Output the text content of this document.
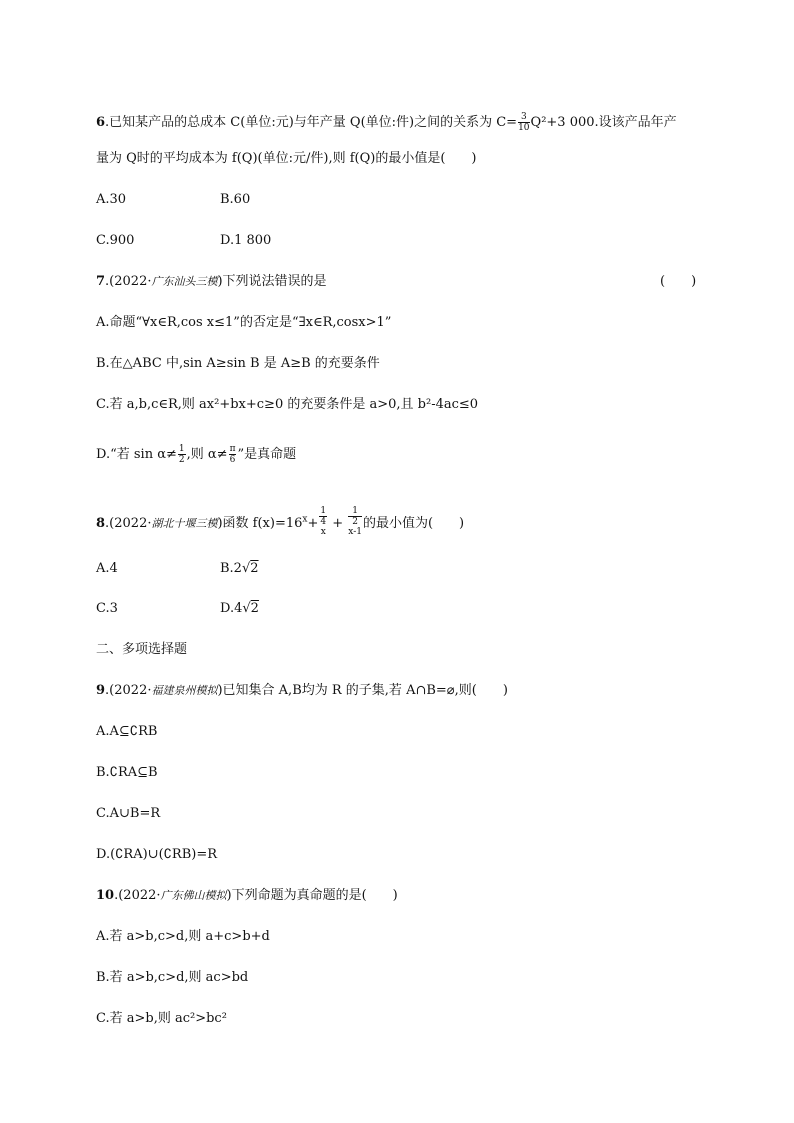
6.已知某产品的总成本 C(单位:元)与年产量 Q(单位:件)之间的关系为 $C= \frac{3}{10} Q^2+3$ 000.设该产品年产
量为 Q时的平均成本为 f(Q)(单位:元/件),则 f(Q)的最小值是(　　)
A.30	B.60
C.900	D.1 800
7.(2022·广东汕头三模)下列说法错误的是	(　　)
A.命题“∀x∈R,cos x≤1”的否定是“∃x∈R,cosx>1”
B.在△ABC 中,sin A≥sin B 是 A≥B 的充要条件
C.若 a,b,c∈R,则 ax²+bx+c≥0 的充要条件是 a>0,且 b²-4ac≤0
D.“若 $\sin \alpha\ne \frac{1}{2}$ ,则 $\alpha\ne \frac{\pi}{6}$ ”是真命题
8.(2022·湖北十堰三模)函数 $f(x)=16^x+ 1$
4
$^x$ + 1
2
$^{x-1}$ 的最小值为(　　)
A.4	B.2√2
C.3	D.4√2
二、多项选择题
9.(2022·福建泉州模拟)已知集合 A,B均为 R 的子集,若 A∩B=⌀,则(　　)
A.A⊆∁RB
B.∁RA⊆B
C.A∪B=R
D.(∁RA)∪(∁RB)=R
10.(2022·广东佛山模拟)下列命题为真命题的是(　　)
A.若 a>b,c>d,则 a+c>b+d
B.若 a>b,c>d,则 ac>bd
C.若 a>b,则 ac²>bc²
